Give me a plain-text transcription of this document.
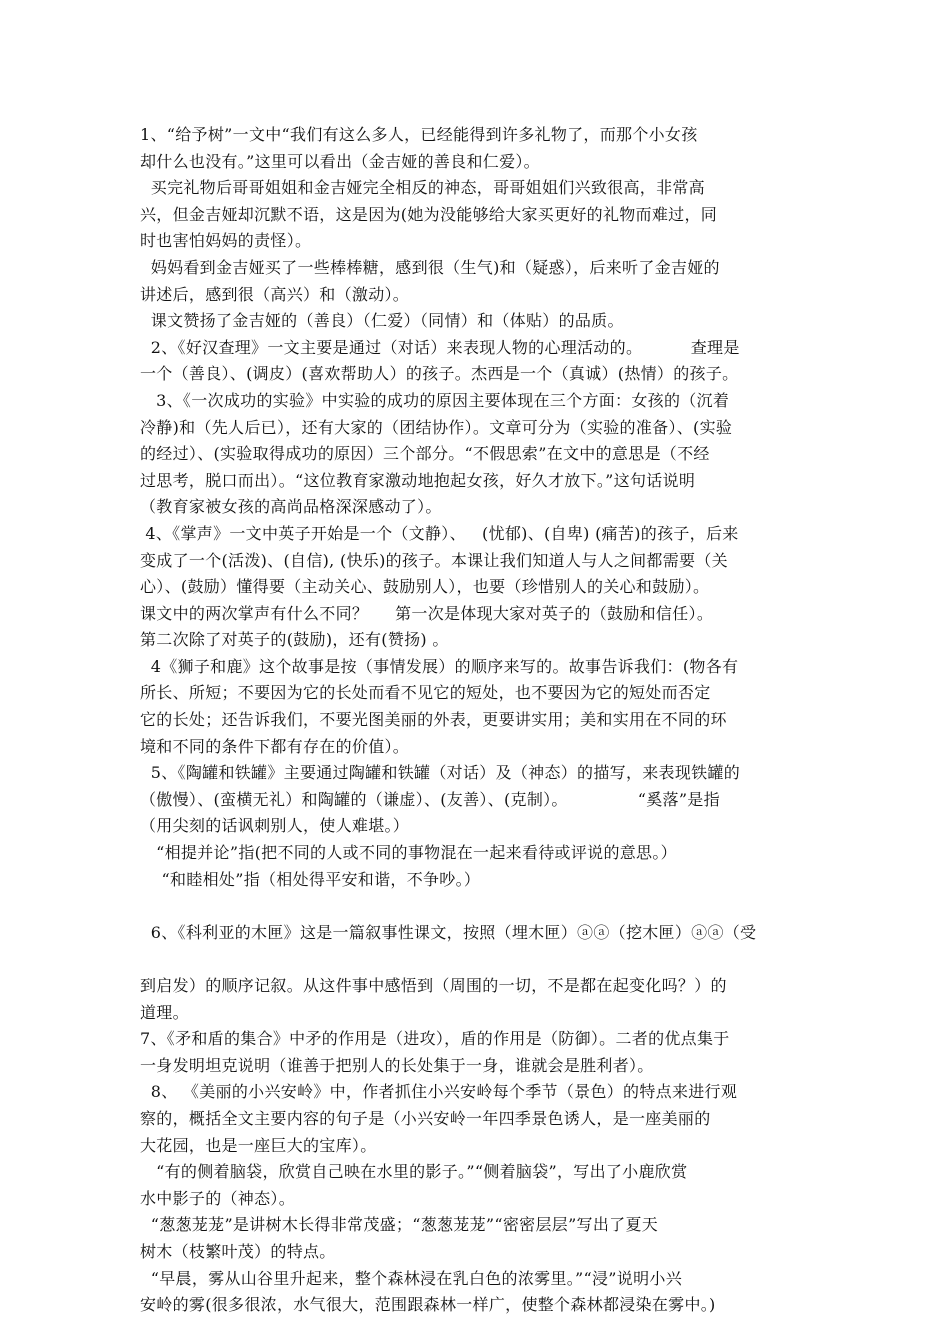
1、“给予树”一文中“我们有这么多人，已经能得到许多礼物了，而那个小女孩
却什么也没有。”这里可以看出（金吉娅的善良和仁爱）。
买完礼物后哥哥姐姐和金吉娅完全相反的神态，哥哥姐姐们兴致很高，非常高
兴，但金吉娅却沉默不语，这是因为(她为没能够给大家买更好的礼物而难过，同
时也害怕妈妈的责怪）。
妈妈看到金吉娅买了一些棒棒糖，感到很（生气)和（疑惑），后来听了金吉娅的
讲述后，感到很（高兴）和（激动）。
课文赞扬了金吉娅的（善良）（仁爱）（同情）和（体贴）的品质。
2、《好汉查理》一文主要是通过（对话）来表现人物的心理活动的。         查理是
一个（善良）、(调皮）(喜欢帮助人）的孩子。杰西是一个（真诚）(热情）的孩子。
3、《一次成功的实验》中实验的成功的原因主要体现在三个方面：女孩的（沉着
冷静)和（先人后已），还有大家的（团结协作）。文章可分为（实验的准备）、(实验
的经过）、(实验取得成功的原因）三个部分。“不假思索”在文中的意思是（不经
过思考，脱口而出）。“这位教育家激动地抱起女孩，好久才放下。”这句话说明
（教育家被女孩的高尚品格深深感动了）。
4、《掌声》一文中英子开始是一个（文静）、   (忧郁)、(自卑) (痛苦)的孩子，后来
变成了一个(活泼)、(自信), (快乐)的孩子。本课让我们知道人与人之间都需要（关
心）、(鼓励）懂得要（主动关心、鼓励别人），也要（珍惜别人的关心和鼓励）。
课文中的两次掌声有什么不同？     第一次是体现大家对英子的（鼓励和信任）。
第二次除了对英子的(鼓励)，还有(赞扬) 。
4《狮子和鹿》这个故事是按（事情发展）的顺序来写的。故事告诉我们：(物各有
所长、所短；不要因为它的长处而看不见它的短处，也不要因为它的短处而否定
它的长处；还告诉我们，不要光图美丽的外表，更要讲实用；美和实用在不同的环
境和不同的条件下都有存在的价值）。
5、《陶罐和铁罐》主要通过陶罐和铁罐（对话）及（神态）的描写，来表现铁罐的
（傲慢）、(蛮横无礼）和陶罐的（谦虚）、(友善）、(克制）。             “奚落”是指
（用尖刻的话讽刺别人，使人难堪。）
“相提并论”指(把不同的人或不同的事物混在一起来看待或评说的意思。）
“和睦相处”指（相处得平安和谐，不争吵。）
6、《科利亚的木匣》这是一篇叙事性课文，按照（埋木匣）ⓐⓐ（挖木匣）ⓐⓐ（受
到启发）的顺序记叙。从这件事中感悟到（周围的一切，不是都在起变化吗？）的
道理。
7、《矛和盾的集合》中矛的作用是（进攻），盾的作用是（防御）。二者的优点集于
一身发明坦克说明（谁善于把别人的长处集于一身，谁就会是胜利者）。
8、 《美丽的小兴安岭》中，作者抓住小兴安岭每个季节（景色）的特点来进行观
察的，概括全文主要内容的句子是（小兴安岭一年四季景色诱人，是一座美丽的
大花园，也是一座巨大的宝库）。
“有的侧着脑袋，欣赏自己映在水里的影子。”“侧着脑袋”，写出了小鹿欣赏
水中影子的（神态）。
“葱葱茏茏”是讲树木长得非常茂盛；“葱葱茏茏”“密密层层”写出了夏天
树木（枝繁叶茂）的特点。
“早晨，雾从山谷里升起来，整个森林浸在乳白色的浓雾里。”“浸”说明小兴
安岭的雾(很多很浓，水气很大，范围跟森林一样广，使整个森林都浸染在雾中。)
